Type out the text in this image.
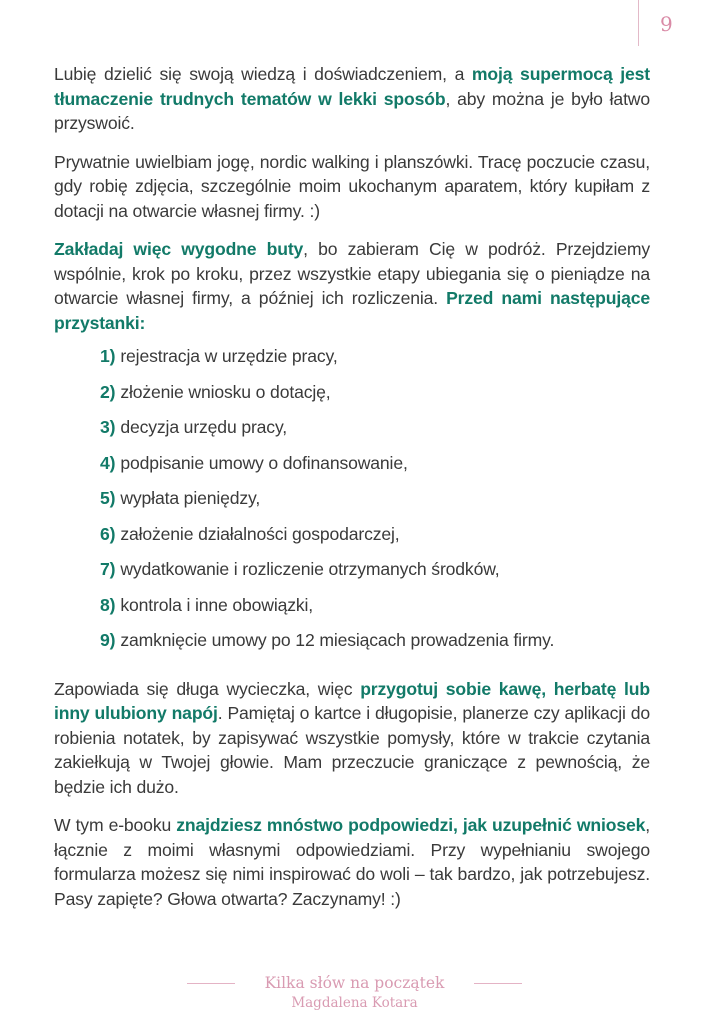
9

Lubię dzielić się swoją wiedzą i doświadczeniem, a moją supermocą jest tłumaczenie trudnych tematów w lekki sposób, aby można je było łatwo przyswoić.

Prywatnie uwielbiam jogę, nordic walking i planszówki. Tracę poczucie czasu, gdy robię zdjęcia, szczególnie moim ukochanym aparatem, który kupiłam z dotacji na otwarcie własnej firmy. :)

Zakładaj więc wygodne buty, bo zabieram Cię w podróż. Przejdziemy wspólnie, krok po kroku, przez wszystkie etapy ubiegania się o pieniądze na otwarcie własnej firmy, a później ich rozliczenia. Przed nami następujące przystanki:

1) rejestracja w urzędzie pracy,
2) złożenie wniosku o dotację,
3) decyzja urzędu pracy,
4) podpisanie umowy o dofinansowanie,
5) wypłata pieniędzy,
6) założenie działalności gospodarczej,
7) wydatkowanie i rozliczenie otrzymanych środków,
8) kontrola i inne obowiązki,
9) zamknięcie umowy po 12 miesiącach prowadzenia firmy.

Zapowiada się długa wycieczka, więc przygotuj sobie kawę, herbatę lub inny ulubiony napój. Pamiętaj o kartce i długopisie, planerze czy aplikacji do robienia notatek, by zapisywać wszystkie pomysły, które w trakcie czytania zakiełkują w Twojej głowie. Mam przeczucie graniczące z pewnością, że będzie ich dużo.

W tym e-booku znajdziesz mnóstwo podpowiedzi, jak uzupełnić wniosek, łącznie z moimi własnymi odpowiedziami. Przy wypełnianiu swojego formularza możesz się nimi inspirować do woli – tak bardzo, jak potrzebujesz. Pasy zapięte? Głowa otwarta? Zaczynamy! :)

Kilka słów na początek
Magdalena Kotara
